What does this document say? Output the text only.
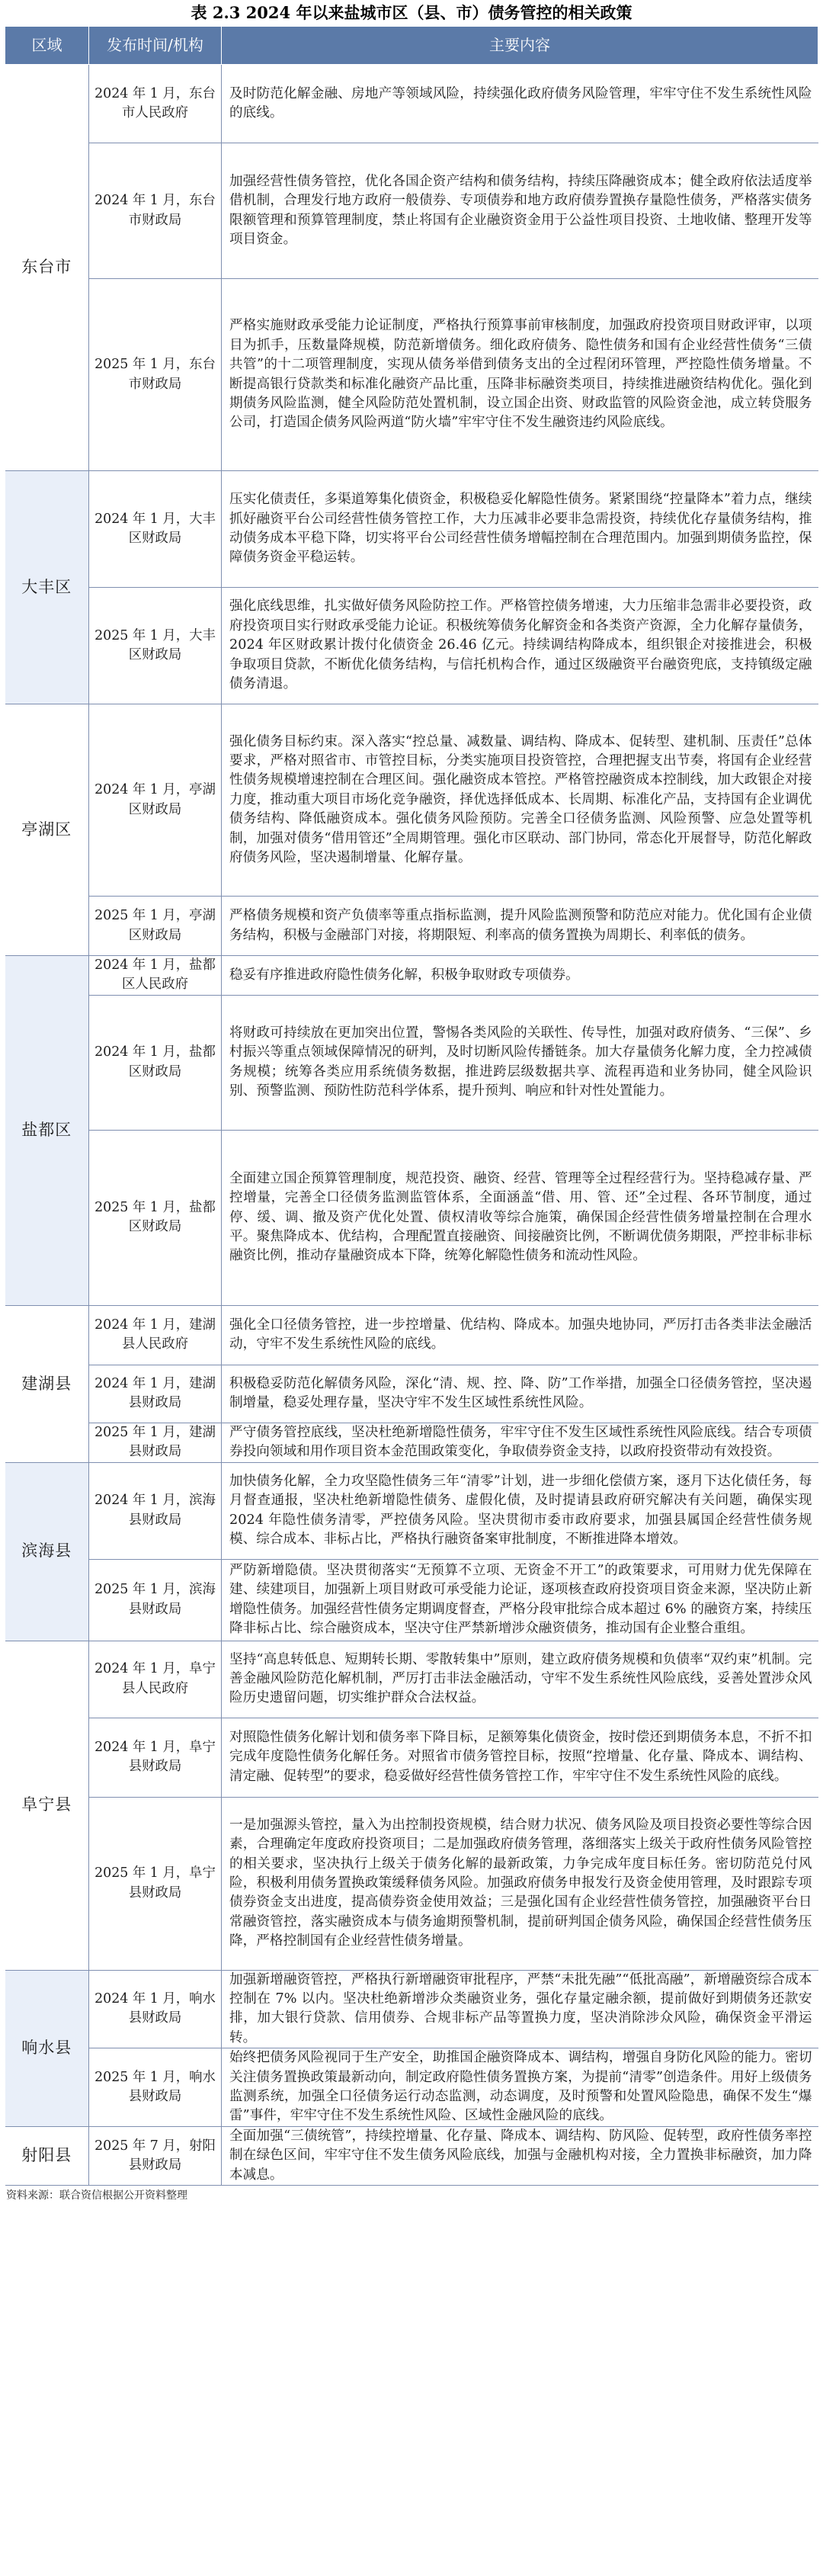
表 2.3 2024 年以来盐城市区（县、市）债务管控的相关政策
区域	发布时间/机构	主要内容
东台市	2024 年 1 月，东台市人民政府	及时防范化解金融、房地产等领域风险，持续强化政府债务风险管理，牢牢守住不发生系统性风险的底线。

	2024 年 1 月，东台市财政局	加强经营性债务管控，优化各国企资产结构和债务结构，持续压降融资成本；健全政府依法适度举借机制，合理发行地方政府一般债券、专项债券和地方政府债券置换存量隐性债务，严格落实债务限额管理和预算管理制度，禁止将国有企业融资资金用于公益性项目投资、土地收储、整理开发等项目资金。

	2025 年 1 月，东台市财政局	严格实施财政承受能力论证制度，严格执行预算事前审核制度，加强政府投资项目财政评审，以项目为抓手，压数量降规模，防范新增债务。细化政府债务、隐性债务和国有企业经营性债务“三债共管”的十二项管理制度，实现从债务举借到债务支出的全过程闭环管理，严控隐性债务增量。不断提高银行贷款类和标准化融资产品比重，压降非标融资类项目，持续推进融资结构优化。强化到期债务风险监测，健全风险防范处置机制，设立国企出资、财政监管的风险资金池，成立转贷服务公司，打造国企债务风险两道“防火墙”牢牢守住不发生融资违约风险底线。

大丰区	2024 年 1 月，大丰区财政局	压实化债责任，多渠道筹集化债资金，积极稳妥化解隐性债务。紧紧围绕“控量降本”着力点，继续抓好融资平台公司经营性债务管控工作，大力压减非必要非急需投资，持续优化存量债务结构，推动债务成本平稳下降，切实将平台公司经营性债务增幅控制在合理范围内。加强到期债务监控，保障债务资金平稳运转。

	2025 年 1 月，大丰区财政局	强化底线思维，扎实做好债务风险防控工作。严格管控债务增速，大力压缩非急需非必要投资，政府投资项目实行财政承受能力论证。积极统筹债务化解资金和各类资产资源，全力化解存量债务，2024 年区财政累计拨付化债资金 26.46 亿元。持续调结构降成本，组织银企对接推进会，积极争取项目贷款，不断优化债务结构，与信托机构合作，通过区级融资平台融资兜底，支持镇级定融债务清退。

亭湖区	2024 年 1 月，亭湖区财政局	强化债务目标约束。深入落实“控总量、减数量、调结构、降成本、促转型、建机制、压责任”总体要求，严格对照省市、市管控目标，分类实施项目投资管控，合理把握支出节奏，将国有企业经营性债务规模增速控制在合理区间。强化融资成本管控。严格管控融资成本控制线，加大政银企对接力度，推动重大项目市场化竞争融资，择优选择低成本、长周期、标准化产品，支持国有企业调优债务结构、降低融资成本。强化债务风险预防。完善全口径债务监测、风险预警、应急处置等机制，加强对债务“借用管还”全周期管理。强化市区联动、部门协同，常态化开展督导，防范化解政府债务风险，坚决遏制增量、化解存量。

	2025 年 1 月，亭湖区财政局	严格债务规模和资产负债率等重点指标监测，提升风险监测预警和防范应对能力。优化国有企业债务结构，积极与金融部门对接，将期限短、利率高的债务置换为周期长、利率低的债务。

盐都区	2024 年 1 月，盐都区人民政府	稳妥有序推进政府隐性债务化解，积极争取财政专项债券。

	2024 年 1 月，盐都区财政局	将财政可持续放在更加突出位置，警惕各类风险的关联性、传导性，加强对政府债务、“三保”、乡村振兴等重点领域保障情况的研判，及时切断风险传播链条。加大存量债务化解力度，全力控减债务规模；统筹各类应用系统债务数据，推进跨层级数据共享、流程再造和业务协同，健全风险识别、预警监测、预防性防范科学体系，提升预判、响应和针对性处置能力。

	2025 年 1 月，盐都区财政局	全面建立国企预算管理制度，规范投资、融资、经营、管理等全过程经营行为。坚持稳减存量、严控增量，完善全口径债务监测监管体系，全面涵盖“借、用、管、还”全过程、各环节制度，通过停、缓、调、撤及资产优化处置、债权清收等综合施策，确保国企经营性债务增量控制在合理水平。聚焦降成本、优结构，合理配置直接融资、间接融资比例，不断调优债务期限，严控非标非标融资比例，推动存量融资成本下降，统筹化解隐性债务和流动性风险。

建湖县	2024 年 1 月，建湖县人民政府	强化全口径债务管控，进一步控增量、优结构、降成本。加强央地协同，严厉打击各类非法金融活动，守牢不发生系统性风险的底线。

	2024 年 1 月，建湖县财政局	积极稳妥防范化解债务风险，深化“清、规、控、降、防”工作举措，加强全口径债务管控，坚决遏制增量，稳妥处理存量，坚决守牢不发生区域性系统性风险。

	2025 年 1 月，建湖县财政局	严守债务管控底线，坚决杜绝新增隐性债务，牢牢守住不发生区域性系统性风险底线。结合专项债券投向领域和用作项目资本金范围政策变化，争取债券资金支持，以政府投资带动有效投资。

滨海县	2024 年 1 月，滨海县财政局	加快债务化解，全力攻坚隐性债务三年“清零”计划，进一步细化偿债方案，逐月下达化债任务，每月督查通报，坚决杜绝新增隐性债务、虚假化债，及时提请县政府研究解决有关问题，确保实现 2024 年隐性债务清零，严控债务风险。坚决贯彻市委市政府要求，加强县属国企经营性债务规模、综合成本、非标占比，严格执行融资备案审批制度，不断推进降本增效。

	2025 年 1 月，滨海县财政局	严防新增隐债。坚决贯彻落实“无预算不立项、无资金不开工”的政策要求，可用财力优先保障在建、续建项目，加强新上项目财政可承受能力论证，逐项核查政府投资项目资金来源，坚决防止新增隐性债务。加强经营性债务定期调度督查，严格分段审批综合成本超过 6% 的融资方案，持续压降非标占比、综合融资成本，坚决守住严禁新增涉众融资债务，推动国有企业整合重组。

阜宁县	2024 年 1 月，阜宁县人民政府	坚持“高息转低息、短期转长期、零散转集中”原则，建立政府债务规模和负债率“双约束”机制。完善金融风险防范化解机制，严厉打击非法金融活动，守牢不发生系统性风险底线，妥善处置涉众风险历史遗留问题，切实维护群众合法权益。

	2024 年 1 月，阜宁县财政局	对照隐性债务化解计划和债务率下降目标，足额筹集化债资金，按时偿还到期债务本息，不折不扣完成年度隐性债务化解任务。对照省市债务管控目标，按照“控增量、化存量、降成本、调结构、清定融、促转型”的要求，稳妥做好经营性债务管控工作，牢牢守住不发生系统性风险的底线。

	2025 年 1 月，阜宁县财政局	一是加强源头管控，量入为出控制投资规模，结合财力状况、债务风险及项目投资必要性等综合因素，合理确定年度政府投资项目；二是加强政府债务管理，落细落实上级关于政府性债务风险管控的相关要求，坚决执行上级关于债务化解的最新政策，力争完成年度目标任务。密切防范兑付风险，积极利用债务置换政策缓释债务风险。加强政府债务申报发行及资金使用管理，及时跟踪专项债券资金支出进度，提高债券资金使用效益；三是强化国有企业经营性债务管控，加强融资平台日常融资管控，落实融资成本与债务逾期预警机制，提前研判国企债务风险，确保国企经营性债务压降，严格控制国有企业经营性债务增量。

响水县	2024 年 1 月，响水县财政局	加强新增融资管控，严格执行新增融资审批程序，严禁“未批先融”“低批高融”，新增融资综合成本控制在 7% 以内。坚决杜绝新增涉众类融资业务，强化存量定融余额，提前做好到期债务还款安排，加大银行贷款、信用债券、合规非标产品等置换力度，坚决消除涉众风险，确保资金平滑运转。

	2025 年 1 月，响水县财政局	始终把债务风险视同于生产安全，助推国企融资降成本、调结构，增强自身防化风险的能力。密切关注债务置换政策最新动向，制定政府隐性债务置换方案，为提前“清零”创造条件。用好上级债务监测系统，加强全口径债务运行动态监测，动态调度，及时预警和处置风险隐患，确保不发生“爆雷”事件，牢牢守住不发生系统性风险、区域性金融风险的底线。

射阳县	2025 年 7 月，射阳县财政局	全面加强“三债统管”，持续控增量、化存量、降成本、调结构、防风险、促转型，政府性债务率控制在绿色区间，牢牢守住不发生债务风险底线，加强与金融机构对接，全力置换非标融资，加力降本减息。
资料来源：联合资信根据公开资料整理
